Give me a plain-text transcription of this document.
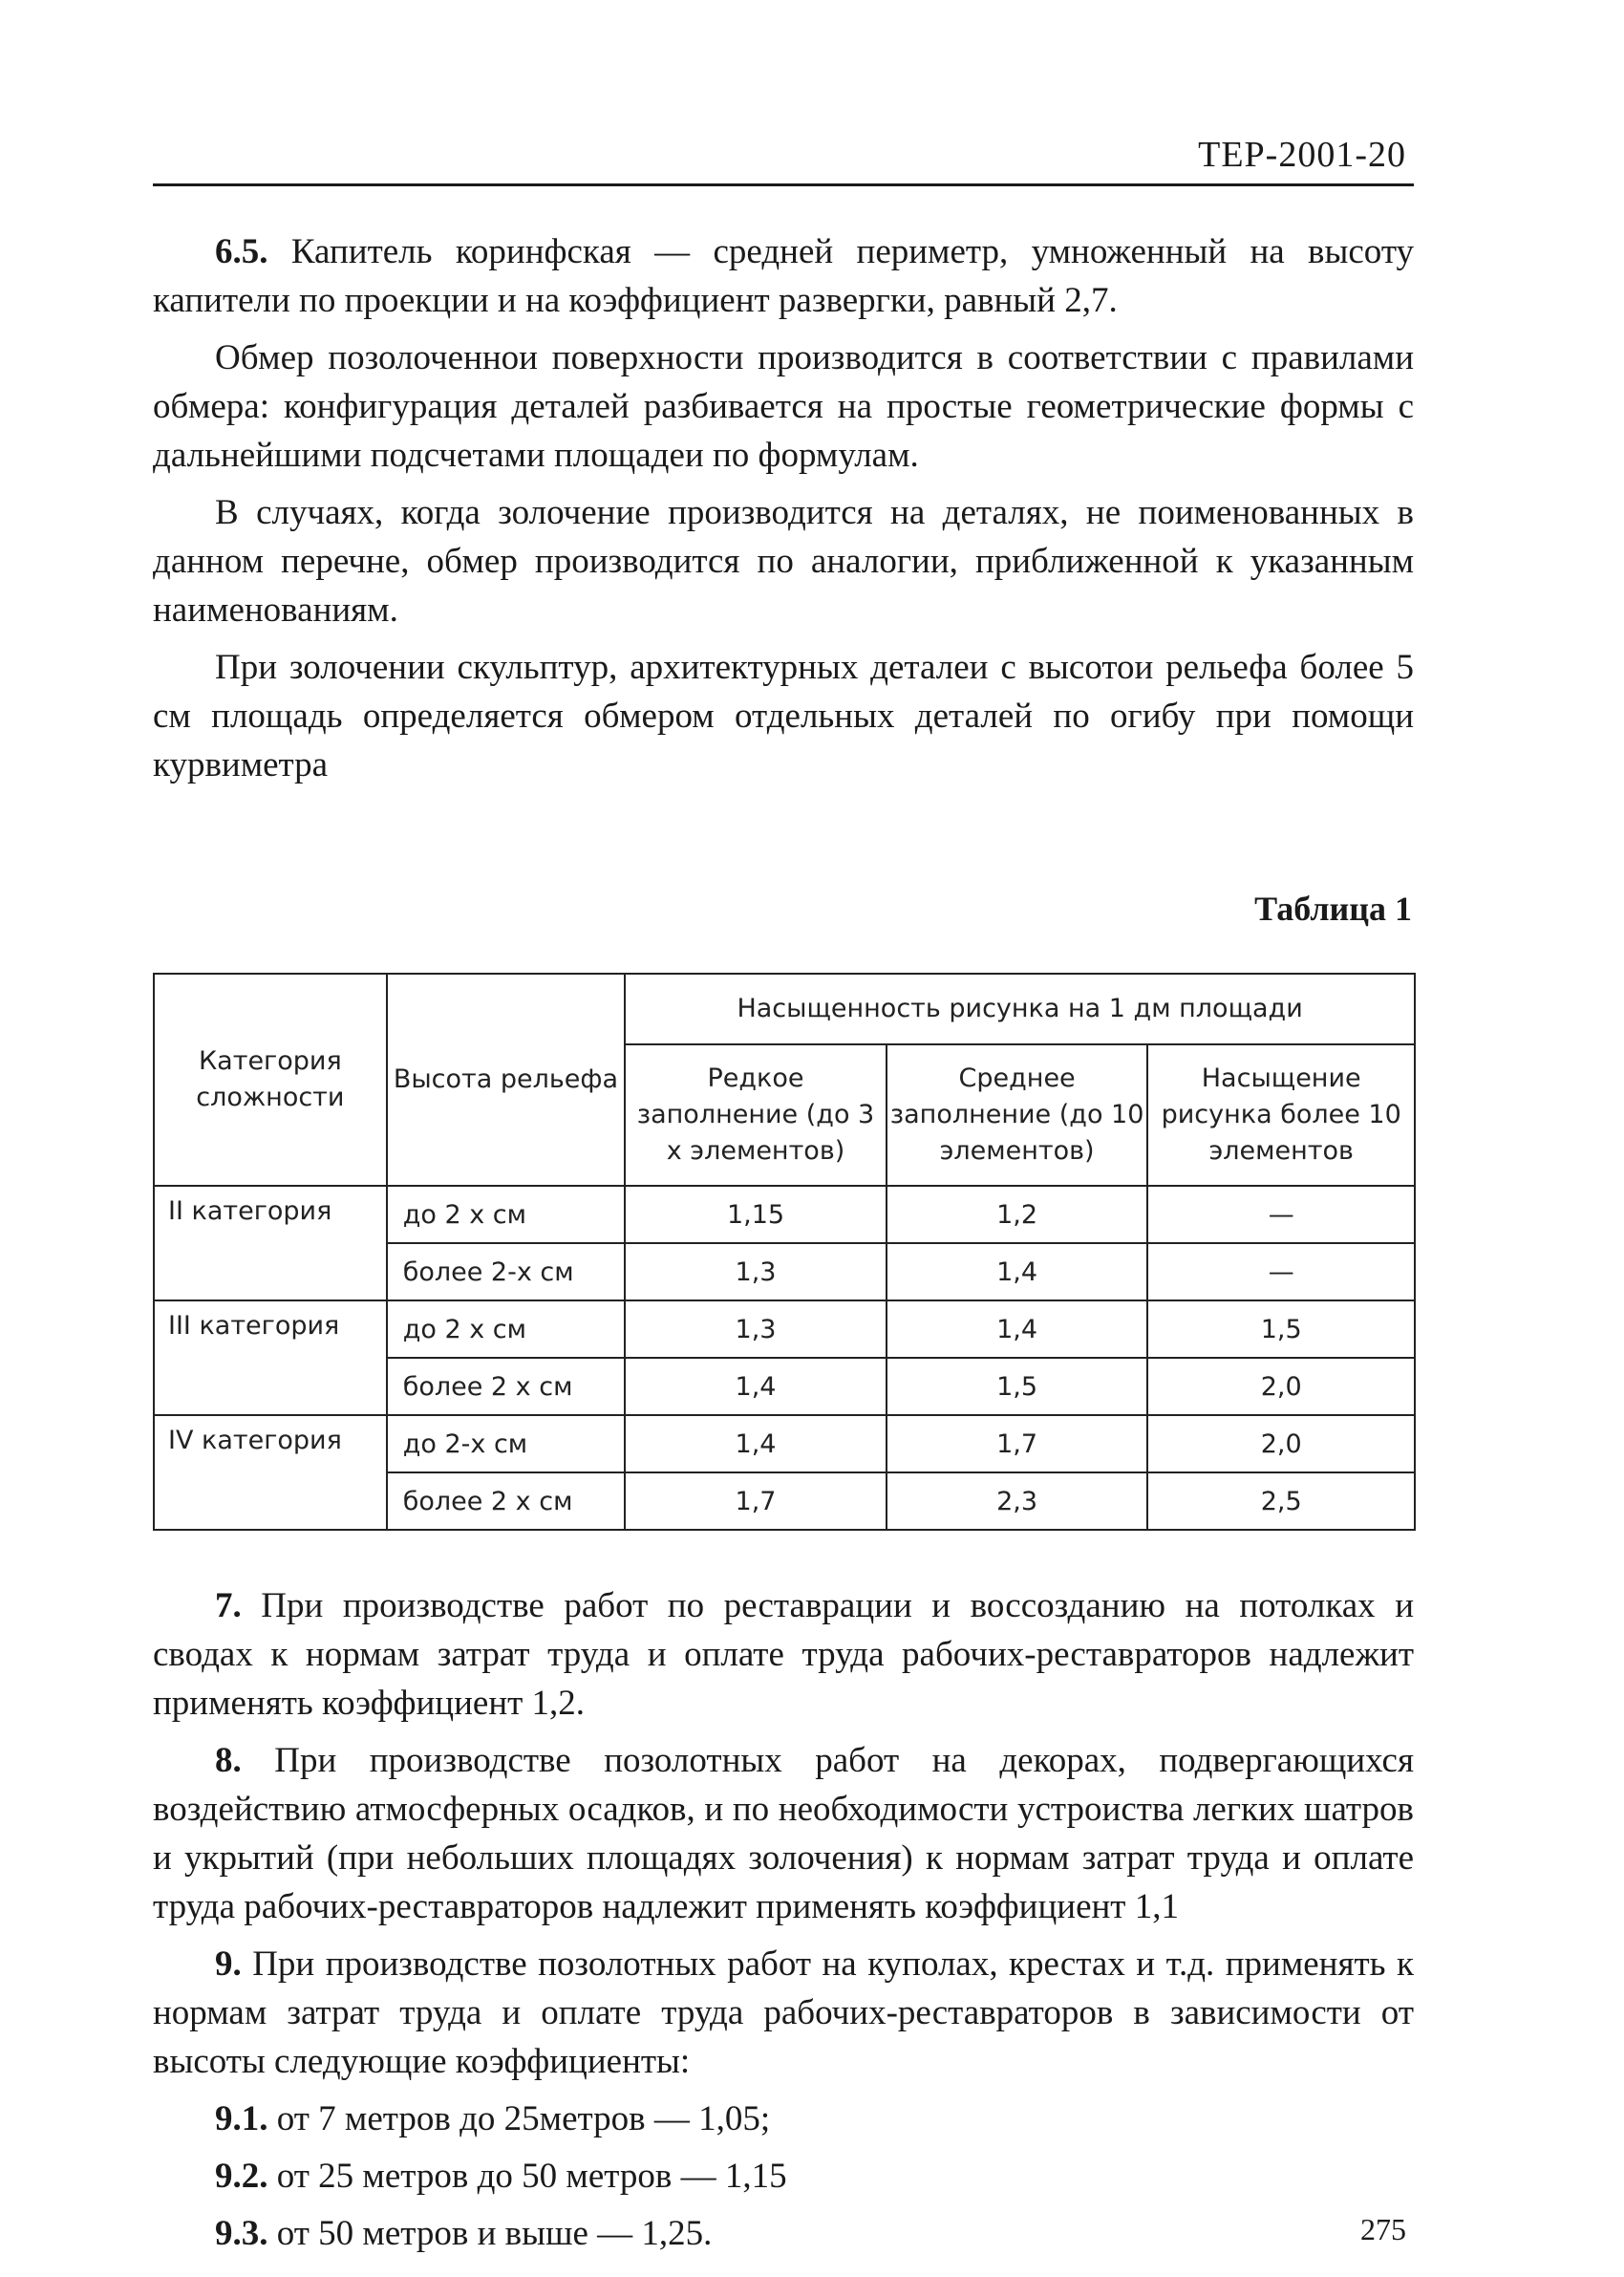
ТЕР-2001-20

6.5. Капитель коринфская — средней периметр, умноженный на высоту капители по проекции и на коэффициент развергки, равный 2,7.

Обмер позолоченнои поверхности производится в соответствии с правилами обмера: конфигурация деталей разбивается на простые геометрические формы с дальнейшими подсчетами площадеи по формулам.

В случаях, когда золочение производится на деталях, не поименованных в данном перечне, обмер производится по аналогии, приближенной к указанным наименованиям.

При золочении скульптур, архитектурных деталеи с высотои рельефа более 5 см площадь определяется обмером отдельных деталей по огибу при помощи курвиметра

Таблица 1
Категория сложности	Высота рельефа	Насыщенность рисунка на 1 дм площади		
		Редкое заполнение (до 3 х элементов)	Среднее заполнение (до 10 элементов)	Насыщение рисунка более 10 элементов
II категория	до 2 х см	1,15	1,2	—
	более 2-х см	1,3	1,4	—
III категория	до 2 х см	1,3	1,4	1,5
	более 2 х см	1,4	1,5	2,0
IV категория	до 2-х см	1,4	1,7	2,0
	более 2 х см	1,7	2,3	2,5

7. При производстве работ по реставрации и воссозданию на потолках и сводах к нормам затрат труда и оплате труда рабочих-реставраторов надлежит применять коэффициент 1,2.

8. При производстве позолотных работ на декорах, подвергающихся воздействию атмосферных осадков, и по необходимости устроиства легких шатров и укрытий (при небольших площадях золочения) к нормам затрат труда и оплате труда рабочих-реставраторов надлежит применять коэффициент 1,1

9. При производстве позолотных работ на куполах, крестах и т.д. применять к нормам затрат труда и оплате труда рабочих-реставраторов в зависимости от высоты следующие коэффициенты:

9.1. от 7 метров до 25метров — 1,05;

9.2. от 25 метров до 50 метров — 1,15

9.3. от 50 метров и выше — 1,25.	275
